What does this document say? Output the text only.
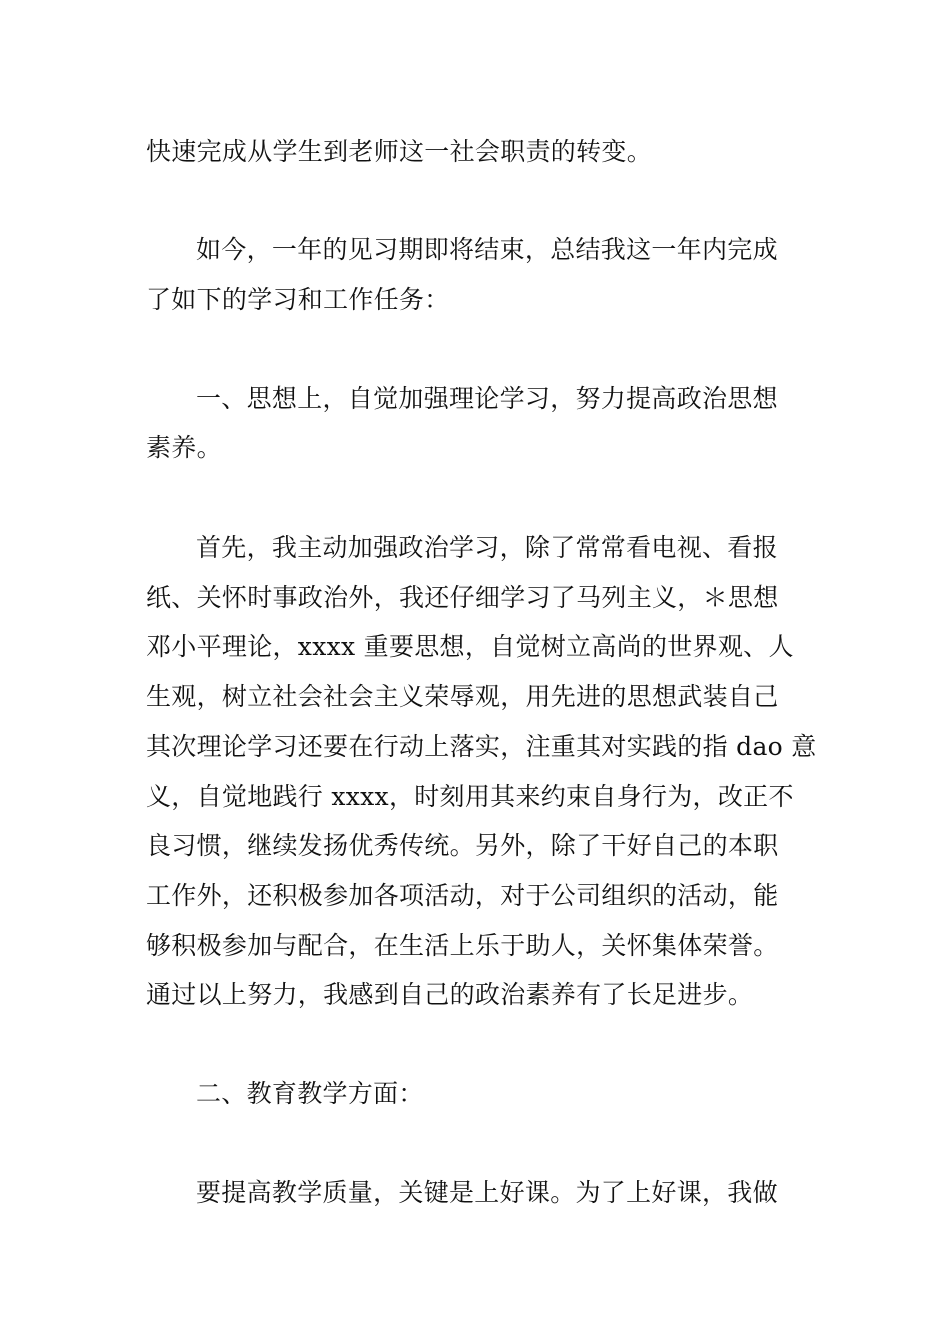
快速完成从学生到老师这一社会职责的转变。
如今，一年的见习期即将结束，总结我这一年内完成
了如下的学习和工作任务：
一、思想上，自觉加强理论学习，努力提高政治思想
素养。
首先，我主动加强政治学习，除了常常看电视、看报
纸、关怀时事政治外，我还仔细学习了马列主义，＊思想
邓小平理论，xxxx 重要思想，自觉树立高尚的世界观、人
生观，树立社会社会主义荣辱观，用先进的思想武装自己
其次理论学习还要在行动上落实，注重其对实践的指 dao 意
义，自觉地践行 xxxx，时刻用其来约束自身行为，改正不
良习惯，继续发扬优秀传统。另外，除了干好自己的本职
工作外，还积极参加各项活动，对于公司组织的活动，能
够积极参加与配合，在生活上乐于助人，关怀集体荣誉。
通过以上努力，我感到自己的政治素养有了长足进步。
二、教育教学方面：
要提高教学质量，关键是上好课。为了上好课，我做
